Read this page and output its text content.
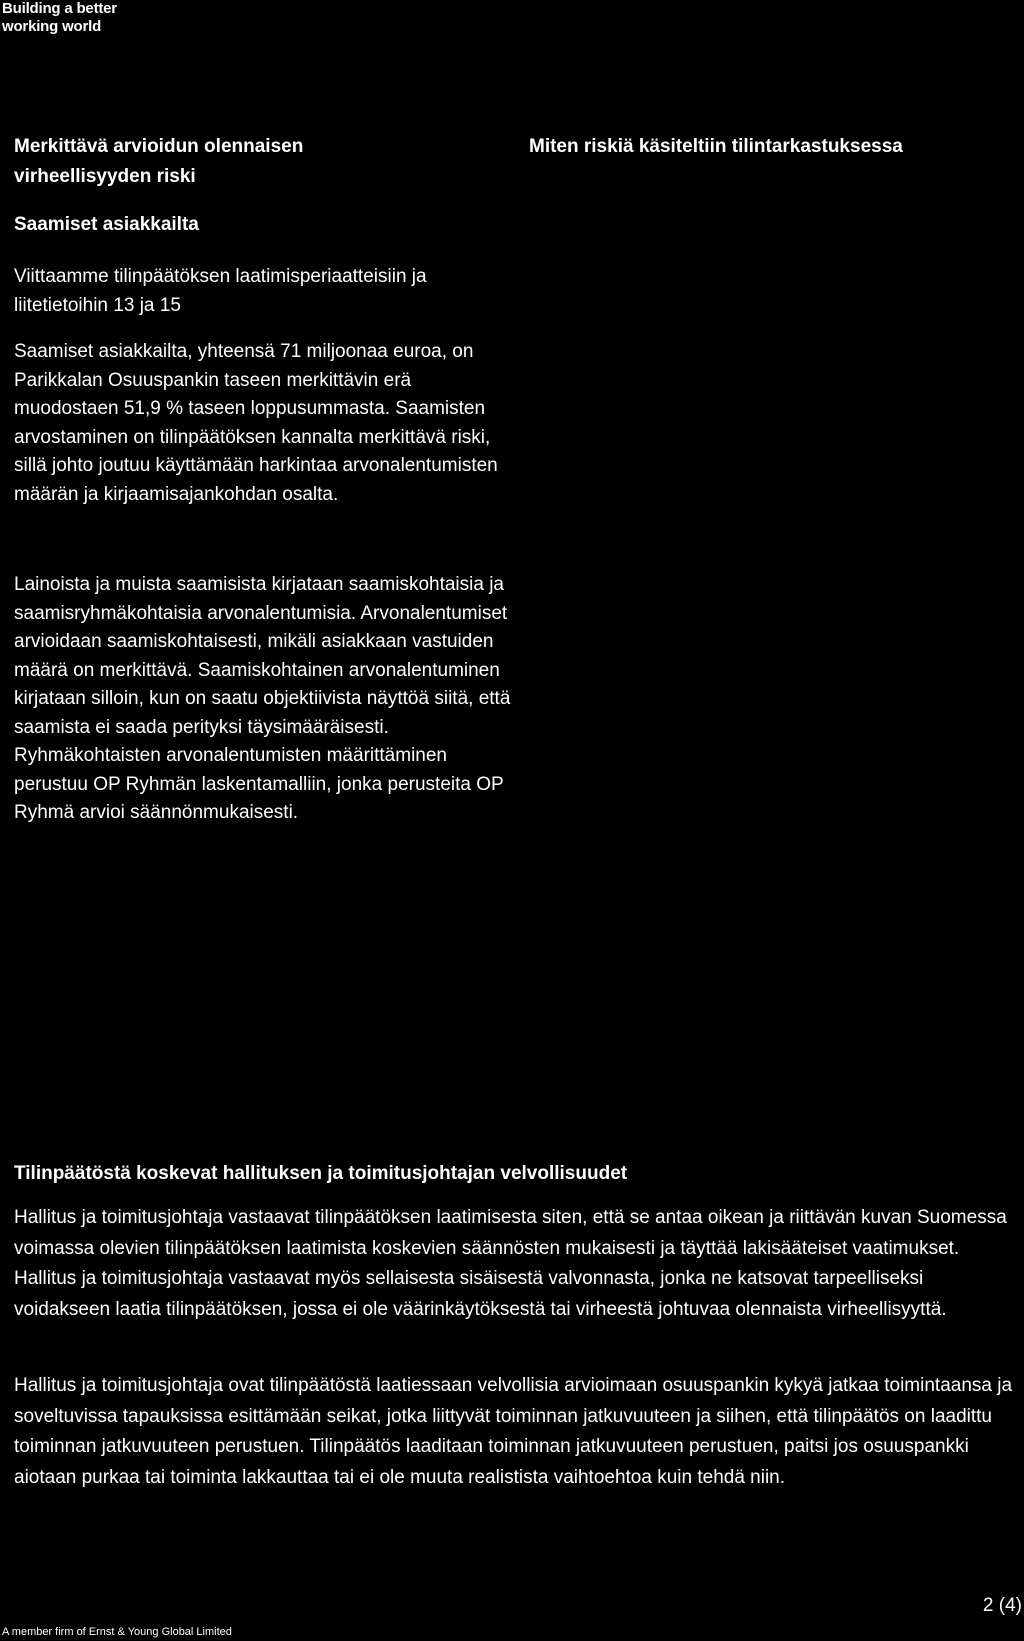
Building a better
working world
Merkittävä arvioidun olennaisen
virheellisyyden riski
Miten riskiä käsiteltiin tilintarkastuksessa
Saamiset asiakkailta
Viittaamme tilinpäätöksen laatimisperiaatteisiin ja liitetietoihin 13 ja 15
Saamiset asiakkailta, yhteensä 71 miljoonaa euroa, on Parikkalan Osuuspankin taseen merkittävin erä muodostaen 51,9 % taseen loppusummasta. Saamisten arvostaminen on tilinpäätöksen kannalta merkittävä riski, sillä johto joutuu käyttämään harkintaa arvonalentumisten määrän ja kirjaamisajankohdan osalta.
Lainoista ja muista saamisista kirjataan saamiskohtaisia ja saamisryhmäkohtaisia arvonalentumisia. Arvonalentumiset arvioidaan saamiskohtaisesti, mikäli asiakkaan vastuiden määrä on merkittävä. Saamiskohtainen arvonalentuminen kirjataan silloin, kun on saatu objektiivista näyttöä siitä, että saamista ei saada perityksi täysimääräisesti. Ryhmäkohtaisten arvonalentumisten määrittäminen perustuu OP Ryhmän laskentamalliin, jonka perusteita OP Ryhmä arvioi säännönmukaisesti.
Tilinpäätöstä koskevat hallituksen ja toimitusjohtajan velvollisuudet
Hallitus ja toimitusjohtaja vastaavat tilinpäätöksen laatimisesta siten, että se antaa oikean ja riittävän kuvan Suomessa voimassa olevien tilinpäätöksen laatimista koskevien säännösten mukaisesti ja täyttää lakisääteiset vaatimukset. Hallitus ja toimitusjohtaja vastaavat myös sellaisesta sisäisestä valvonnasta, jonka ne katsovat tarpeelliseksi voidakseen laatia tilinpäätöksen, jossa ei ole väärinkäytöksestä tai virheestä johtuvaa olennaista virheellisyyttä.
Hallitus ja toimitusjohtaja ovat tilinpäätöstä laatiessaan velvollisia arvioimaan osuuspankin kykyä jatkaa toimintaansa ja soveltuvissa tapauksissa esittämään seikat, jotka liittyvät toiminnan jatkuvuuteen ja siihen, että tilinpäätös on laadittu toiminnan jatkuvuuteen perustuen. Tilinpäätös laaditaan toiminnan jatkuvuuteen perustuen, paitsi jos osuuspankki aiotaan purkaa tai toiminta lakkauttaa tai ei ole muuta realistista vaihtoehtoa kuin tehdä niin.
2 (4)
A member firm of Ernst & Young Global Limited
